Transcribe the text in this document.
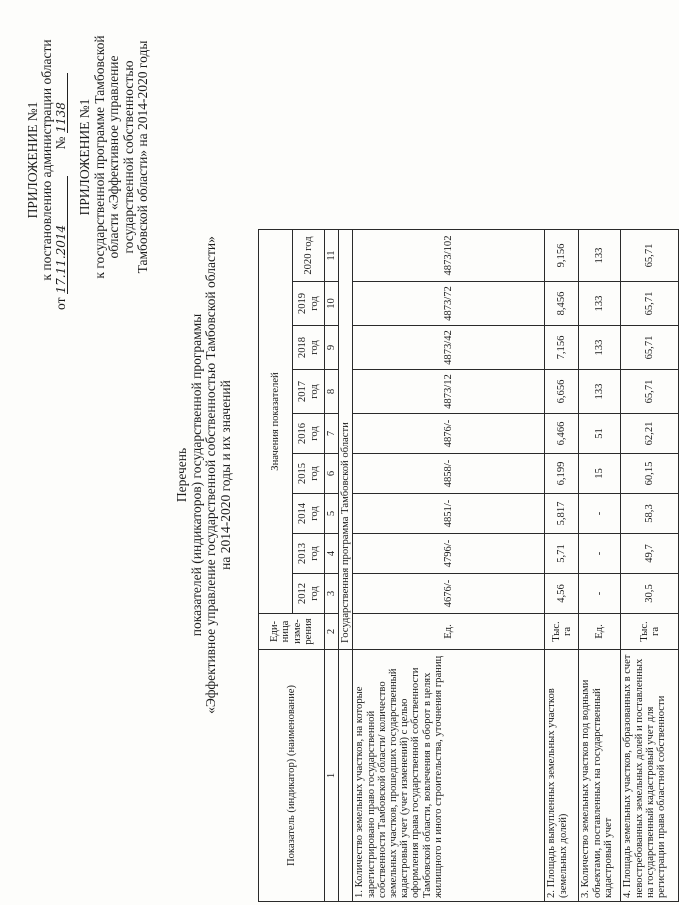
ПРИЛОЖЕНИЕ №1 к постановлению администрации области
от
17.11.2014
№
1138 ПРИЛОЖЕНИЕ №1 к государственной программе Тамбовской области «Эффективное управление государственной собственностью Тамбовской области» на 2014-2020 годы
Перечень показателей (индикаторов) государственной программы «Эффективное управление государственной собственностью Тамбовской области» на 2014-2020 годы и их значений
Показатель (индикатор) (наименование)	Еди-ница изме-рения	Значения показателей								
		2012 год	2013 год	2014 год	2015 год	2016 год	2017 год	2018 год	2019 год	2020 год
1	2	3	4	5	6	7	8	9	10	11
	Государственная программа Тамбовской области									
1. Количество земельных участков, на которые зарегистрировано право государственной собственности Тамбовской области/ количество земельных участков, прошедших государственный кадастровый учет (учет изменений) с целью оформления права государственной собственности Тамбовской области, вовлечения в оборот в целях жилищного и иного строительства, уточнения границ	Ед.	4676/-	4796/-	4851/-	4858/-	4876/-	4873/12	4873/42	4873/72	4873/102
2. Площадь выкупленных земельных участков (земельных долей)	Тыс. га	4,56	5,71	5,817	6,199	6,466	6,656	7,156	8,456	9,156
3. Количество земельных участков под водными объектами, поставленных на государственный кадастровый учет	Ед.	-	-	-	15	51	133	133	133	133
4. Площадь земельных участков, образованных в счет невостребованных земельных долей и поставленных на государственный кадастровый учет для регистрации права областной собственности	Тыс. га	30,5	49,7	58,3	60,15	62,21	65,71	65,71	65,71	65,71
